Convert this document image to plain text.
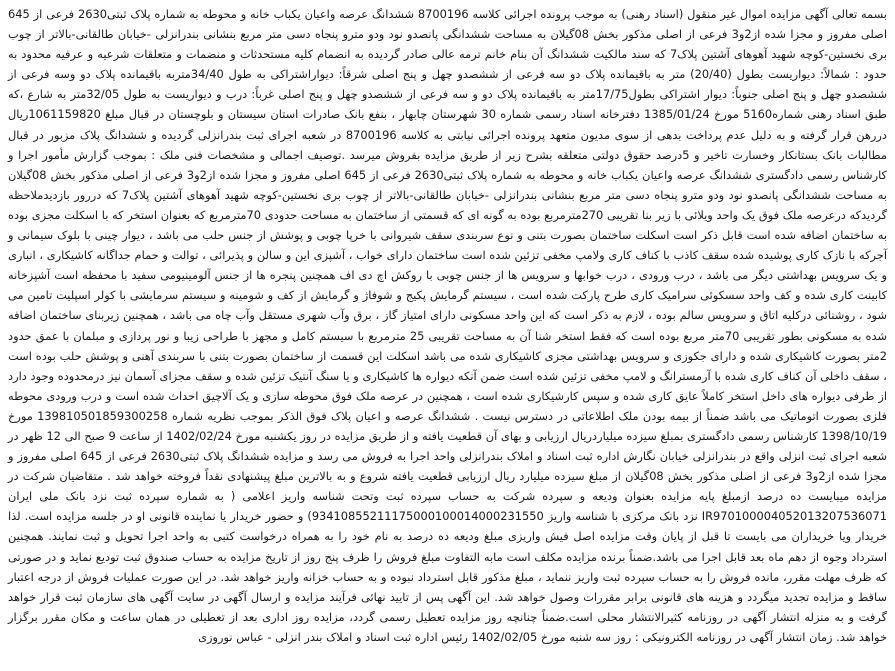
بسمه تعالی آگهی مزایده اموال غیر منقول (اسناد رهنی) به موجب پرونده اجرائی کلاسه 8700196 ششدانگ عرصه واعیان یکباب خانه و محوطه به شماره پلاک ثبتی2630 فرعی از 645 اصلی مفروز و مجزا شده از2و3 فرعی از اصلی مذکور بخش 08گیلان به مساحت ششدانگی پانصدو نود ودو مترو پنجاه دسی متر مربع بنشانی بندرانزلی -خیابان طالقانی-بالاتر از چوب بری نخستین-کوچه شهید آهوهای آشتین پلاک7 که سند مالکیت ششدانگ آن بنام خانم ترمه عالی صادر گردیده به انضمام کلیه مستحدثات و منضمات و متعلقات شرعیه و عرفیه محدود به حدود : شمالاً: دیواریست بطول (20/40) متر به باقیمانده پلاک دو سه فرعی از ششصدو چهل و پنج اصلی شرقاً: دیواراشتراکی به طول 34/40متربه باقیمانده پلاک دو وسه فرعی از ششصدو چهل و پنج اصلی جنوباً: دیوار اشتراکی بطول17/75متر به باقیمانده پلاک دو و سه فرعی از ششصدو چهل و پنج اصلی غرباً: درب و دیواریست به طول 32/05متر به شارع ،که طبق اسناد رهنی شماره5160 مورخ 1385/01/24 دفترخانه اسناد رسمی شماره 30 شهرستان چابهار ، بنفع بانک صادرات استان سیستان و بلوچستان در قبال مبلغ 1061159820ریال دررهن قرار گرفته و به دلیل عدم پرداخت بدهی از سوی مدیون متعهد پرونده اجرائی نیابتی به کلاسه 8700196 در شعبه اجرای ثبت بندرانزلی گردیده و ششدانگ پلاک مزبور در قبال مطالبات بانک بستانکار وخسارت تاخیر و 5درصد حقوق دولتی متعلقه بشرح زیر از طریق مزایده بفروش میرسد .توصیف اجمالی و مشخصات فنی ملک : بموجب گزارش مأمور اجرا و کارشناس رسمی دادگستری ششدانگ عرصه واعیان یکباب خانه و محوطه به شماره پلاک ثبتی2630 فرعی از 645 اصلی مفروز و مجزا شده از2و3 فرعی از اصلی مذکور بخش 08گیلان به مساحت ششدانگی پانصدو نود ودو مترو پنجاه دسی متر مربع بنشانی بندرانزلی -خیابان طالقانی-بالاتر از چوب بری نخستین-کوچه شهید آهوهای آشتین پلاک7 که دررور بازدیدملاحظه گردیدکه درعرصه ملک فوق یک واحد ویلائی با زیر بنا تقریبی 270مترمربع بوده به گونه ای که قسمتی از ساختمان به مساحت حدودی 70مترمربع که بعنوان استخر که با اسکلت مجزی بوده به ساختمان اضافه شده است قابل ذکر است اسکلت ساختمان بصورت بتنی و نوع سربندی سقف شیروانی با خرپا چوبی و پوشش از جنس حلب می باشد ، دیوار چینی با بلوک سیمانی و آجرکه با نازک کاری پوشیده شده سقف کاذب با کناف کاری ولامپ مخفی تزئین شده است ساختمان دارای خواب ، آشپزی این و سالن و پذیرائی ، توالت و حمام جداگانه کاشیکاری ، انباری و یک سرویس بهداشتی دیگر می باشد ، درب ورودی ، درب خوابها و سرویس ها از جنس چوبی با روکش اچ دی اف همچنین پنجره ها از جنس آلومینیومی سفید با محفظه است آشپزخانه کابینت کاری شده و کف واحد سسکوئی سرامیک کاری طرح پارکت شده است ، سیستم گرمایش پکیج و شوفاژ و گرمایش از کف و شومینه و سیستم سرمایشی با کولر اسپلیت تامین می شود ، روشنائی درکلیه اتاق و سرویس سالم بوده ، لازم به ذکر است که این واحد مسکونی دارای امتیاز گاز ، برق وآب شهری مستقل وآب چاه می باشد ، همچنین زیربنای ساختمان اضافه شده به مسکونی بطور تقریبی 70متر مربع بوده است که فقط استخر شنا آن به مساحت تقریبی 25 مترمربع با سیستم کامل و مجهز با طراحی زیبا و نور پردازی و مبلمان با عمق حدود 2متر بصورت کاشیکاری شده و دارای جکوزی و سرویس بهداشتی مجزی کاشیکاری شده می باشد اسکلت این قسمت از ساختمان بصورت بتنی با سربندی آهنی و پوشش حلب بوده است ، سقف داخلی آن کناف کاری شده با آرمسترانگ و لامپ مخفی تزئین شده است ضمن آنکه دیواره ها کاشیکاری و یا سنگ آنتیک تزئین شده و سقف مجزای آسمان نیز درمحدوده وجود دارد از طرفی دیواره های داخل استخر کاملاً عایق کاری شده و سپس کارشیکاری شده است ، همچنین در عرصه ملک فوق محوطه سازی و یک آلاچیق احداث شده است و درب ورودی محوطه فلزی بصورت اتوماتیک می باشد ضمناً از بیمه بودن ملک اطلاعاتی در دسترس نیست . ششدانگ عرصه و اعیان پلاک فوق الذکر بموجب نظریه شماره 139810501859300258 مورخ 1398/10/19 کارشناس رسمی دادگستری بمبلغ سیزده میلیاردریال ارزیابی و بهای آن قطعیت یافته و از طریق مزایده در روز یکشنبه مورخ 1402/02/24 از ساعت 9 صبح الی 12 ظهر در شعبه اجرای ثبت انزلی واقع در بندرانزلی خیابان نگارش اداره ثبت اسناد و املاک بندرانزلی واحد اجرا به فروش می رسد و مزایده ششدانگ پلاک ثبتی2630 فرعی از 645 اصلی مفروز و مجزا شده از2و3 فرعی از اصلی مذکور بخش 08گیلان از مبلغ سیزده میلیارد ریال ارزیابی قطعیت یافته شروع و به بالاترین مبلغ پیشنهادی نقداً فروخته خواهد شد . متقاضیان شرکت در مزایده میبایست ده درصد ازمبلغ پایه مزایده بعنوان ودیعه و سپرده شرکت به حساب سپرده ثبت وتحت شناسه واریز اعلامی ( به شماره سپرده ثبت نزد بانک ملی ایران IR970100004052013207536071 نزد بانک مرکزی با شناسه واریز 93410855211175000100014000231550) و حضور خریدار یا نماینده قانونی او در جلسه مزایده است. لذا خریدار ویا خریداران می بایست تا قبل از پایان وقت مزایده اصل فیش واریزی مبلغ ودیعه ده درصد به نام خود را به همراه درخواست کتبی به واحد اجرا تحویل و ثبت نمایند. همچنین استرداد وجوه از دهم ماه بعد قابل اجرا می باشد.ضمناً برنده مزایده مکلف است مابه التفاوت مبلغ فروش را ظرف پنج روز از تاریخ مزایده به حساب صندوق ثبت تودیع نماید و در صورتی که ظرف مهلت مقرر، مانده فروش را به حساب سپرده ثبت واریز ننماید ، مبلغ مذکور قابل استرداد نبوده و به حساب خزانه واریز خواهد شد. در این صورت عملیات فروش از درجه اعتبار ساقط و مزایده تجدید میگردد و هزینه های قانونی برابر مقررات وصول خواهد شد. این آگهی پس از تایید نهائی فرآیند مزایده و ارسال آگهی در سایت آگهی های سازمان ثبت قرار خواهد گرفت و به منزله انتشار آگهی در روزنامه کثیرالانتشار محلی است.ضمناً چنانچه روز مزایده تعطیل رسمی گردد، مزایده روز اداری بعد از تعطیلی در همان ساعت و مکان مقرر برگزار خواهد شد. زمان انتشار آگهی در روزنامه الکترونیکی : روز سه شنبه مورخ 1402/02/05 رئیس اداره ثبت اسناد و املاک بندر انزلی - عباس نوروزی
